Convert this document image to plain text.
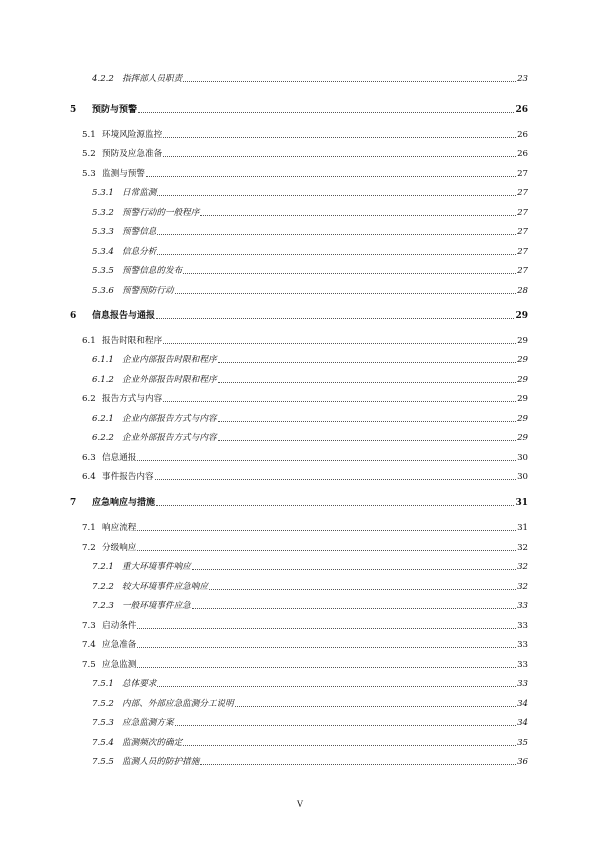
4.2.2 指挥部人员职责	23
5	预防与预警	26
5.1 环境风险源监控	26
5.2 预防及应急准备	26
5.3 监测与预警	27
5.3.1 日常监测	27
5.3.2 预警行动的一般程序	27
5.3.3 预警信息	27
5.3.4 信息分析	27
5.3.5 预警信息的发布	27
5.3.6 预警预防行动	28
6	信息报告与通报	29
6.1 报告时限和程序	29
6.1.1 企业内部报告时限和程序	29
6.1.2 企业外部报告时限和程序	29
6.2 报告方式与内容	29
6.2.1 企业内部报告方式与内容	29
6.2.2 企业外部报告方式与内容	29
6.3 信息通报	30
6.4 事件报告内容	30
7	应急响应与措施	31
7.1 响应流程	31
7.2 分级响应	32
7.2.1 重大环境事件响应	32
7.2.2 较大环境事件应急响应	32
7.2.3 一般环境事件应急	33
7.3 启动条件	33
7.4 应急准备	33
7.5 应急监测	33
7.5.1 总体要求	33
7.5.2 内部、外部应急监测分工说明	34
7.5.3 应急监测方案	34
7.5.4 监测频次的确定	35
7.5.5 监测人员的防护措施	36
V
